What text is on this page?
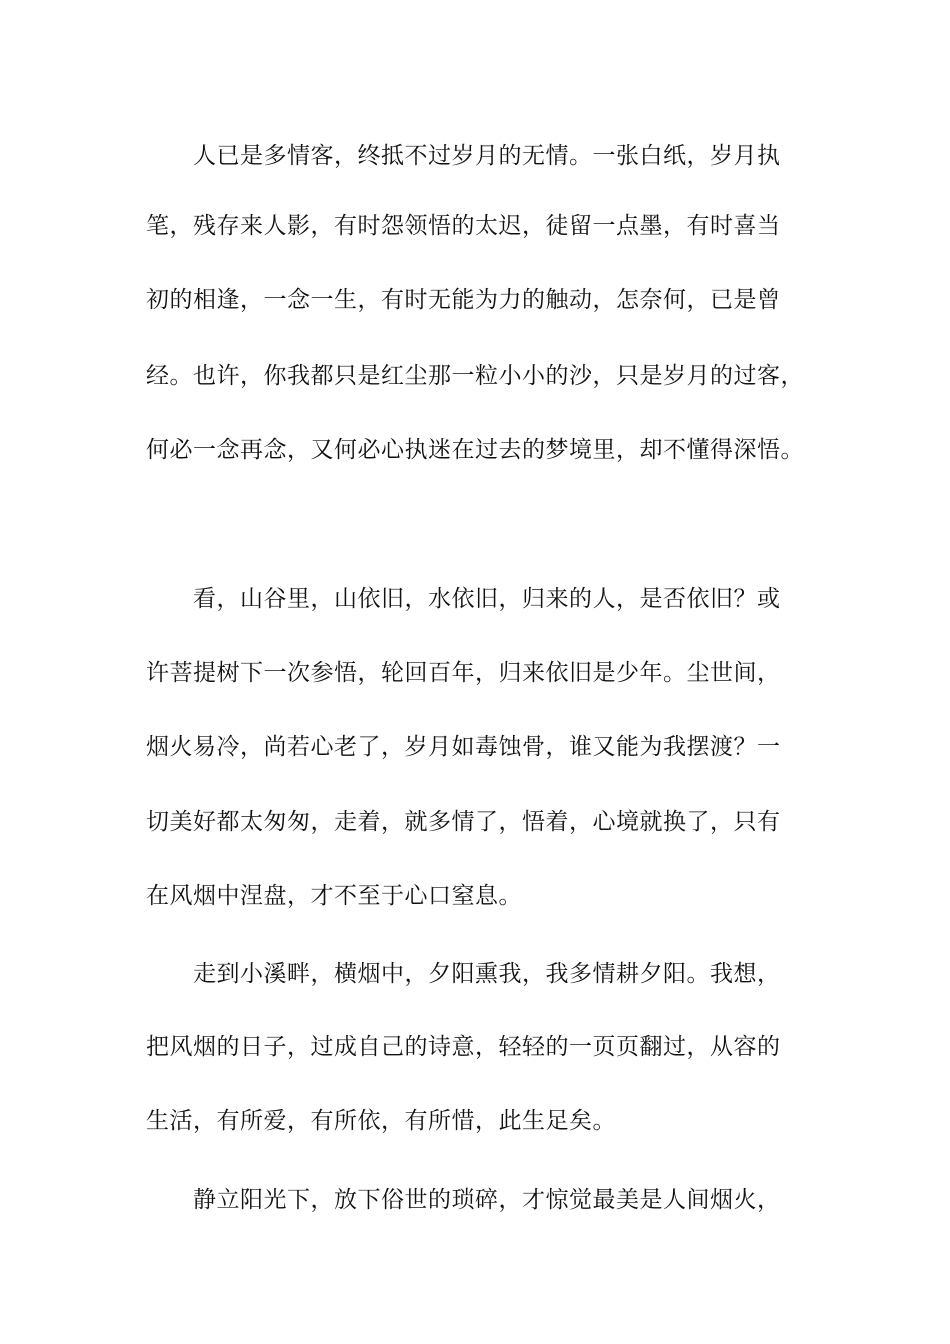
人已是多情客，终抵不过岁月的无情。一张白纸，岁月执
笔，残存来人影，有时怨领悟的太迟，徒留一点墨，有时喜当
初的相逢，一念一生，有时无能为力的触动，怎奈何，已是曾
经。也许，你我都只是红尘那一粒小小的沙，只是岁月的过客，
何必一念再念，又何必心执迷在过去的梦境里，却不懂得深悟。
看，山谷里，山依旧，水依旧，归来的人，是否依旧？或
许菩提树下一次参悟，轮回百年，归来依旧是少年。尘世间，
烟火易冷，尚若心老了，岁月如毒蚀骨，谁又能为我摆渡？一
切美好都太匆匆，走着，就多情了，悟着，心境就换了，只有
在风烟中涅盘，才不至于心口窒息。
走到小溪畔，横烟中，夕阳熏我，我多情耕夕阳。我想，
把风烟的日子，过成自己的诗意，轻轻的一页页翻过，从容的
生活，有所爱，有所依，有所惜，此生足矣。
静立阳光下，放下俗世的琐碎，才惊觉最美是人间烟火，
